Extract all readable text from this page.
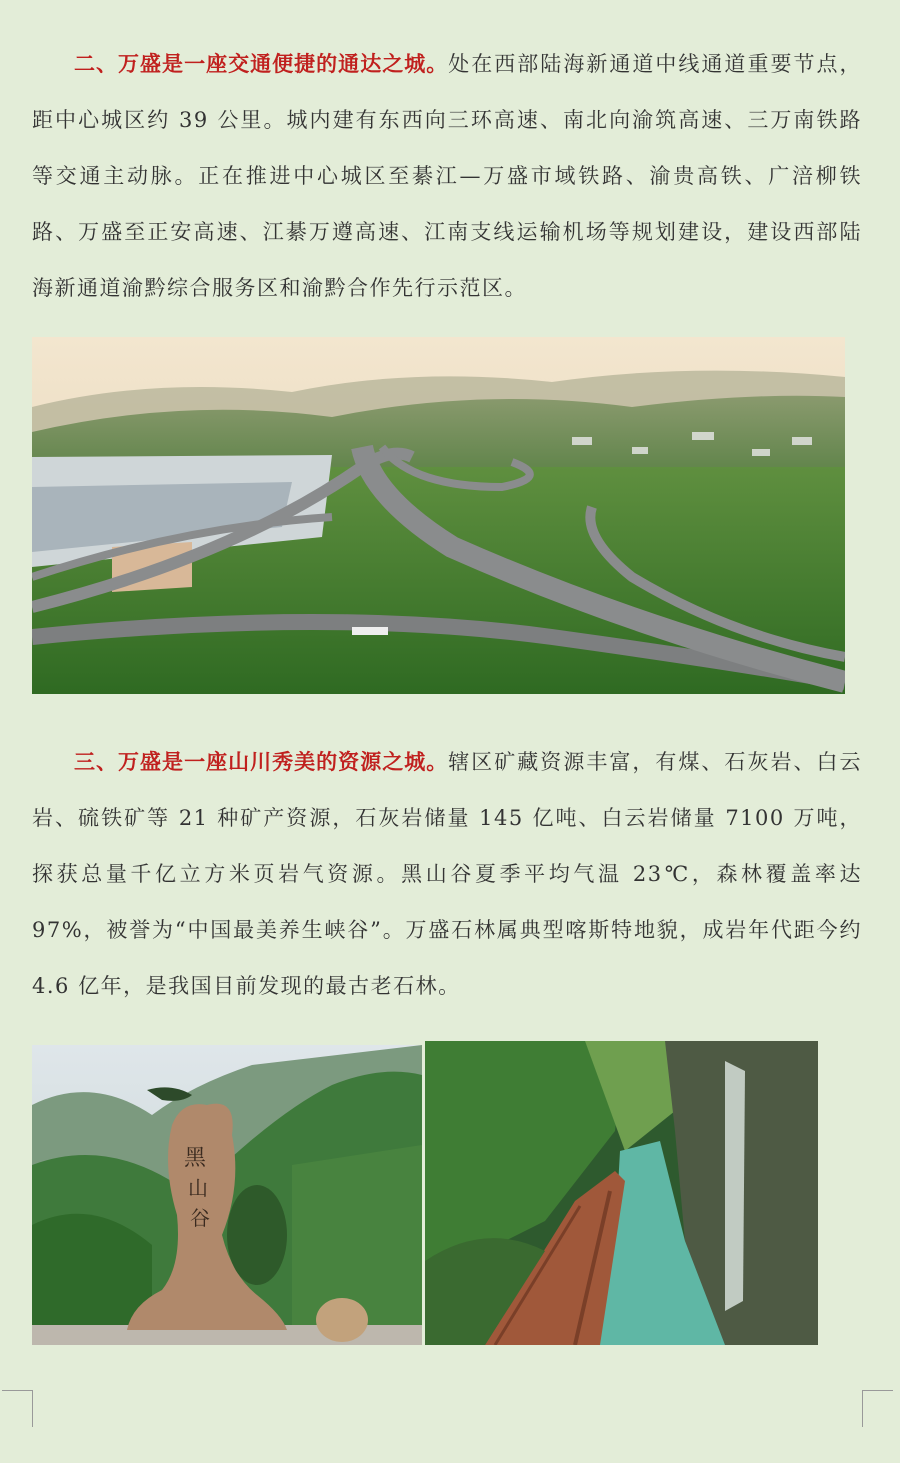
二、万盛是一座交通便捷的通达之城。处在西部陆海新通道中线通道重要节点，距中心城区约 39 公里。城内建有东西向三环高速、南北向渝筑高速、三万南铁路等交通主动脉。正在推进中心城区至綦江—万盛市域铁路、渝贵高铁、广涪柳铁路、万盛至正安高速、江綦万遵高速、江南支线运输机场等规划建设，建设西部陆海新通道渝黔综合服务区和渝黔合作先行示范区。

三、万盛是一座山川秀美的资源之城。辖区矿藏资源丰富，有煤、石灰岩、白云岩、硫铁矿等 21 种矿产资源，石灰岩储量 145 亿吨、白云岩储量 7100 万吨，探获总量千亿立方米页岩气资源。黑山谷夏季平均气温 23℃，森林覆盖率达 97%，被誉为“中国最美养生峡谷”。万盛石林属典型喀斯特地貌，成岩年代距今约 4.6 亿年，是我国目前发现的最古老石林。

黑
山
谷
